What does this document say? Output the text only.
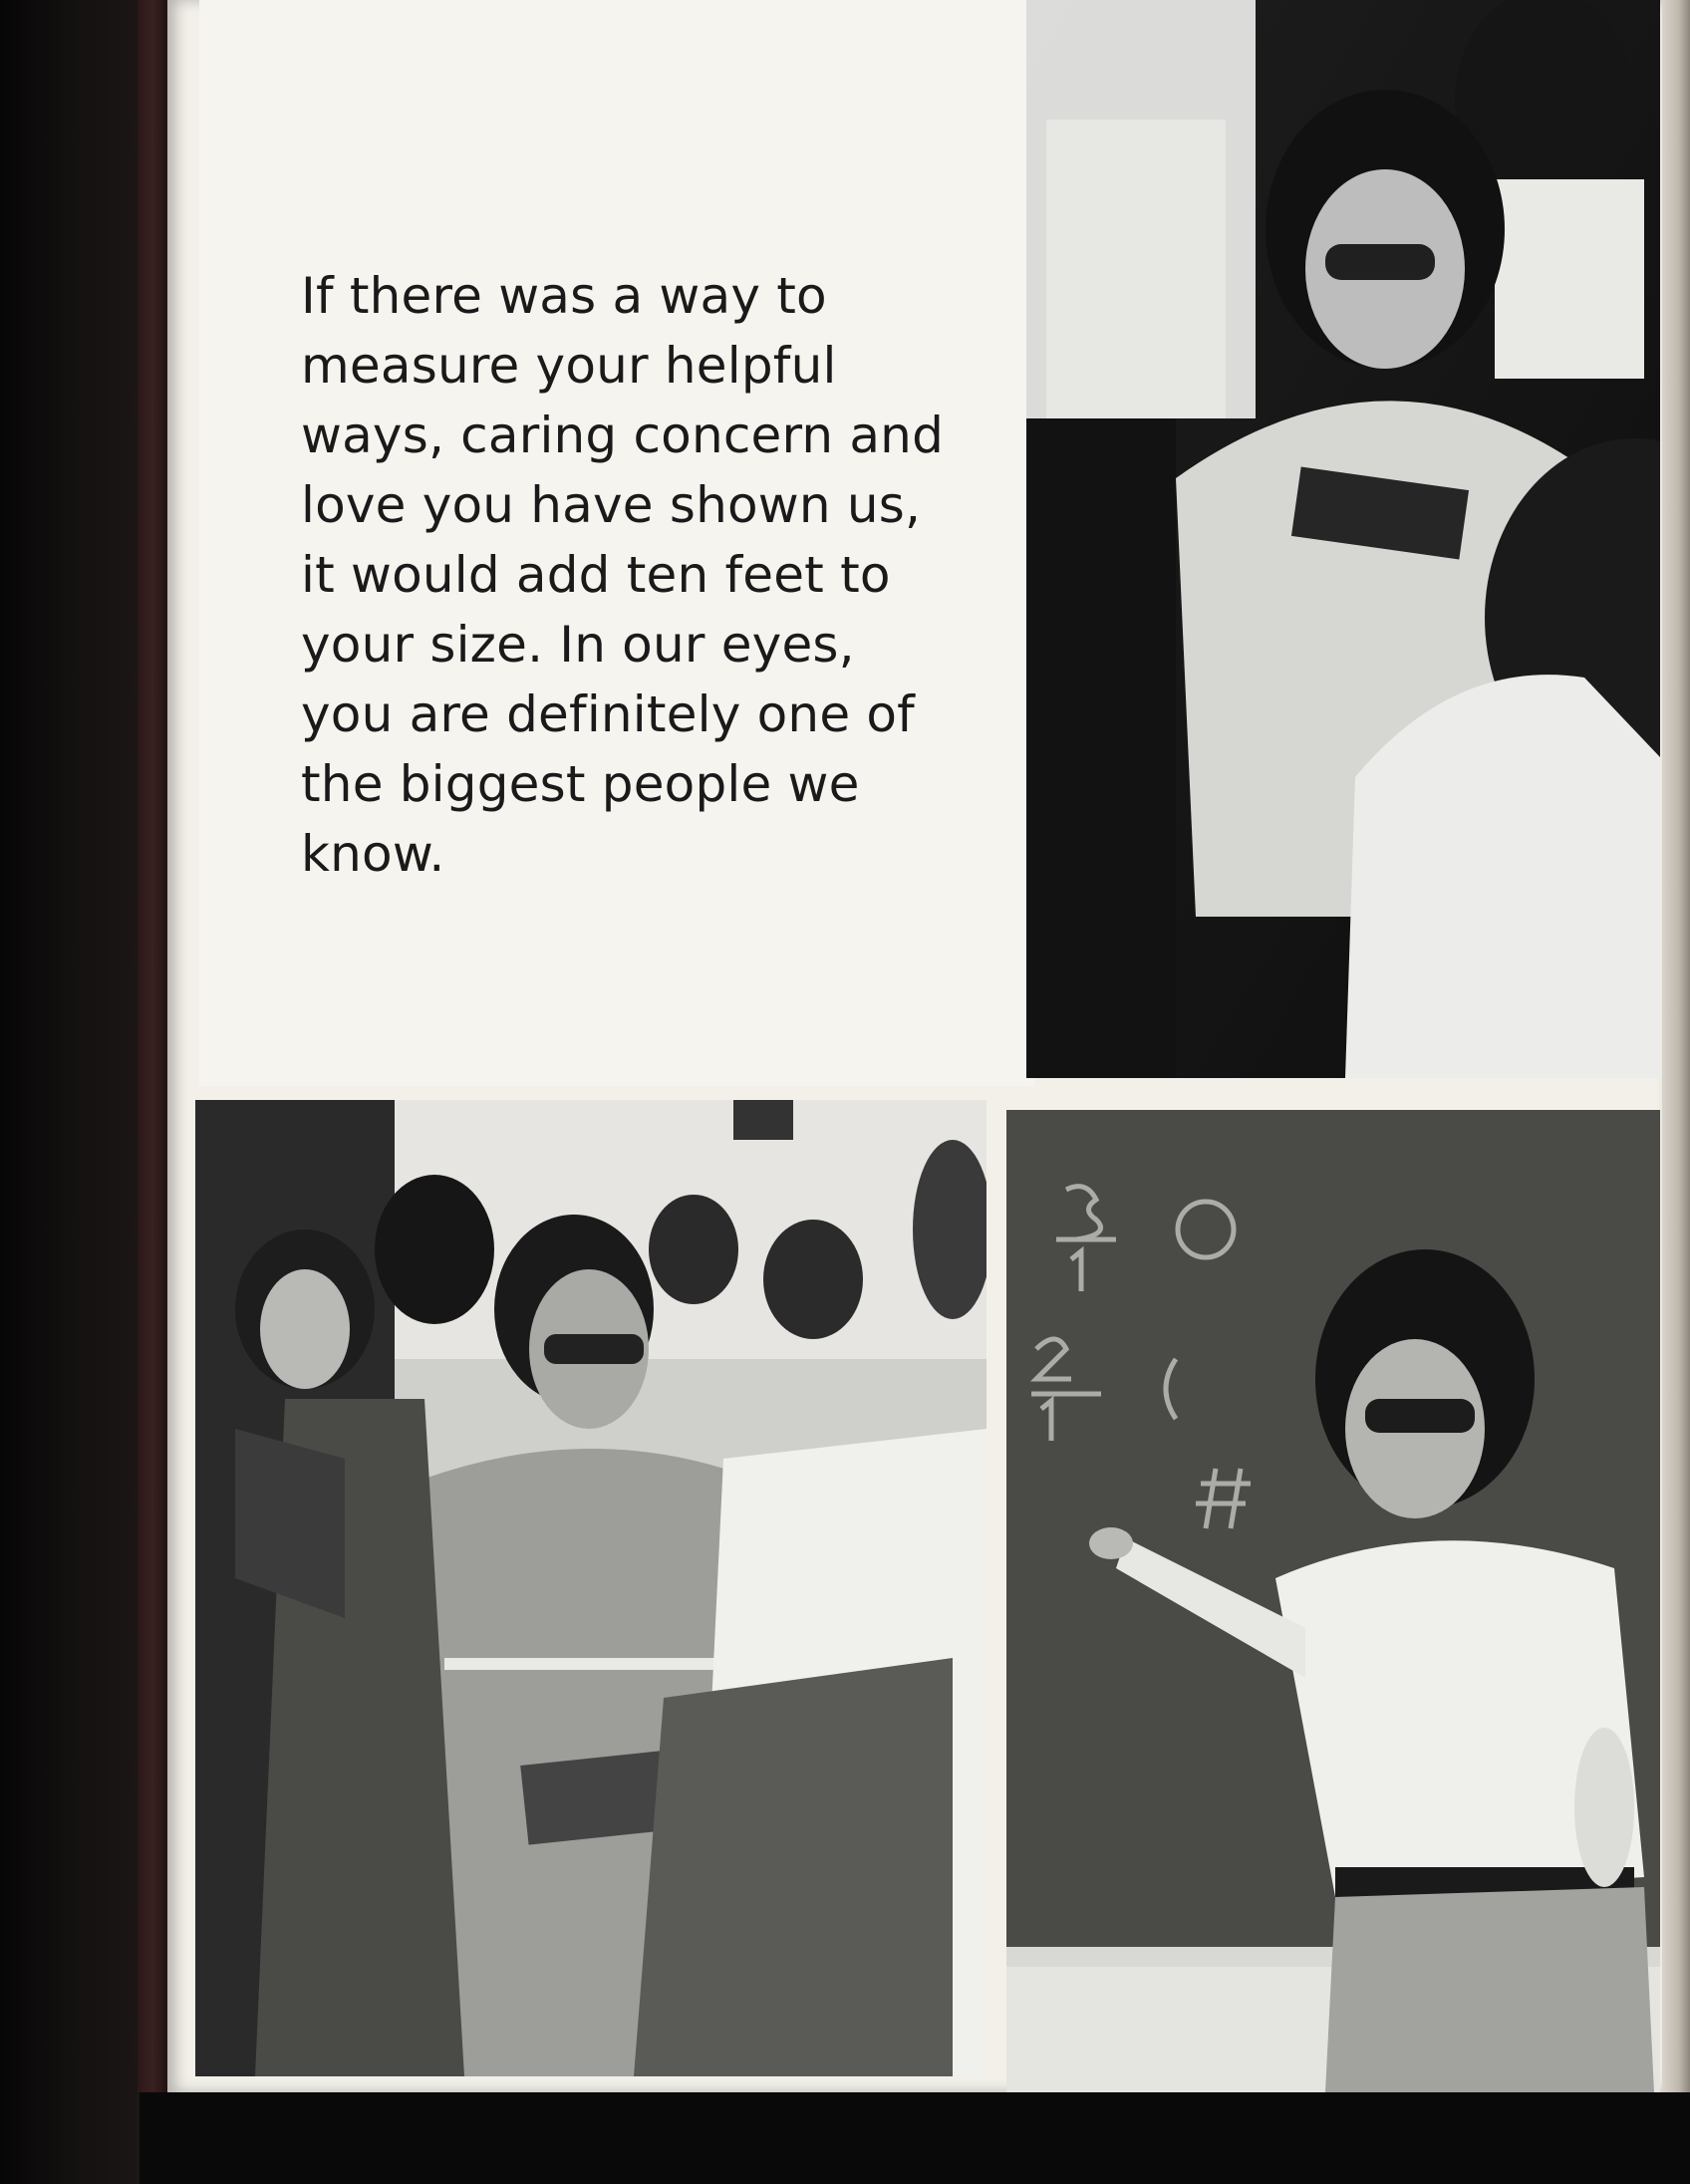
If there was a way to
measure your helpful
ways, caring concern and
love you have shown us,
it would add ten feet to
your size. In our eyes,
you are definitely one of
the biggest people we
know.
